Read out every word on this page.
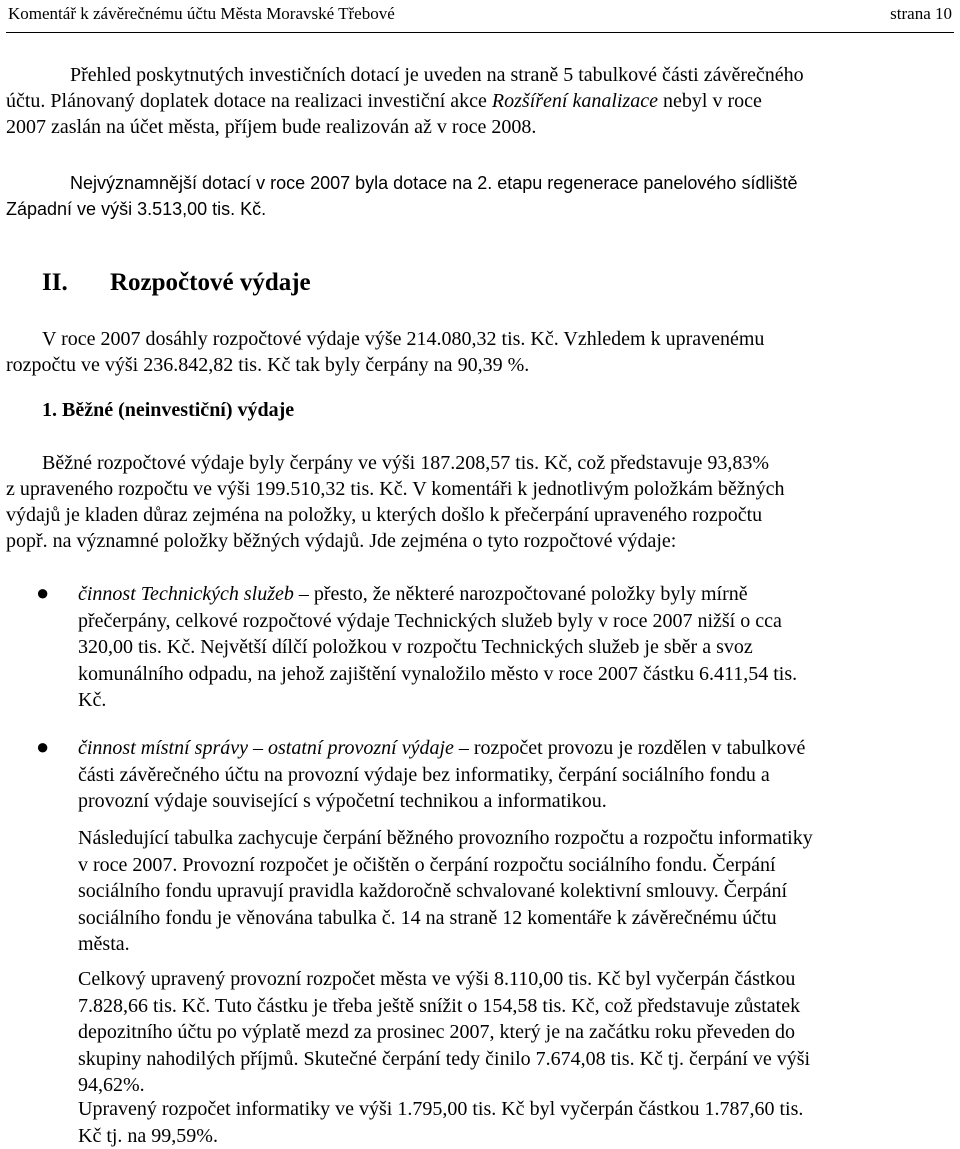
Komentář k závěrečnému účtu Města Moravské Třebové	strana 10
Přehled poskytnutých investičních dotací je uveden na straně 5 tabulkové části závěrečného
účtu. Plánovaný doplatek dotace na realizaci investiční akce Rozšíření kanalizace nebyl v roce
2007 zaslán na účet města, příjem bude realizován až v roce 2008.
Nejvýznamnější dotací v roce 2007 byla dotace na 2. etapu regenerace panelového sídliště
Západní ve výši 3.513,00 tis. Kč.
II. Rozpočtové výdaje
V roce 2007 dosáhly rozpočtové výdaje výše 214.080,32 tis. Kč. Vzhledem k upravenému
rozpočtu ve výši 236.842,82 tis. Kč tak byly čerpány na 90,39 %.
1. Běžné (neinvestiční) výdaje
Běžné rozpočtové výdaje byly čerpány ve výši 187.208,57 tis. Kč, což představuje 93,83%
z upraveného rozpočtu ve výši 199.510,32 tis. Kč. V komentáři k jednotlivým položkám běžných
výdajů je kladen důraz zejména na položky, u kterých došlo k přečerpání upraveného rozpočtu
popř. na významné položky běžných výdajů. Jde zejména o tyto rozpočtové výdaje:
● činnost Technických služeb – přesto, že některé narozpočtované položky byly mírně
přečerpány, celkové rozpočtové výdaje Technických služeb byly v roce 2007 nižší o cca
320,00 tis. Kč. Největší dílčí položkou v rozpočtu Technických služeb je sběr a svoz
komunálního odpadu, na jehož zajištění vynaložilo město v roce 2007 částku 6.411,54 tis.
Kč.
● činnost místní správy – ostatní provozní výdaje – rozpočet provozu je rozdělen v tabulkové
části závěrečného účtu na provozní výdaje bez informatiky, čerpání sociálního fondu a
provozní výdaje související s výpočetní technikou a informatikou.
Následující tabulka zachycuje čerpání běžného provozního rozpočtu a rozpočtu informatiky
v roce 2007. Provozní rozpočet je očištěn o čerpání rozpočtu sociálního fondu. Čerpání
sociálního fondu upravují pravidla každoročně schvalované kolektivní smlouvy. Čerpání
sociálního fondu je věnována tabulka č. 14 na straně 12 komentáře k závěrečnému účtu
města.
Celkový upravený provozní rozpočet města ve výši 8.110,00 tis. Kč byl vyčerpán částkou
7.828,66 tis. Kč. Tuto částku je třeba ještě snížit o 154,58 tis. Kč, což představuje zůstatek
depozitního účtu po výplatě mezd za prosinec 2007, který je na začátku roku převeden do
skupiny nahodilých příjmů. Skutečné čerpání tedy činilo 7.674,08 tis. Kč tj. čerpání ve výši
94,62%.
Upravený rozpočet informatiky ve výši 1.795,00 tis. Kč byl vyčerpán částkou 1.787,60 tis.
Kč tj. na 99,59%.
